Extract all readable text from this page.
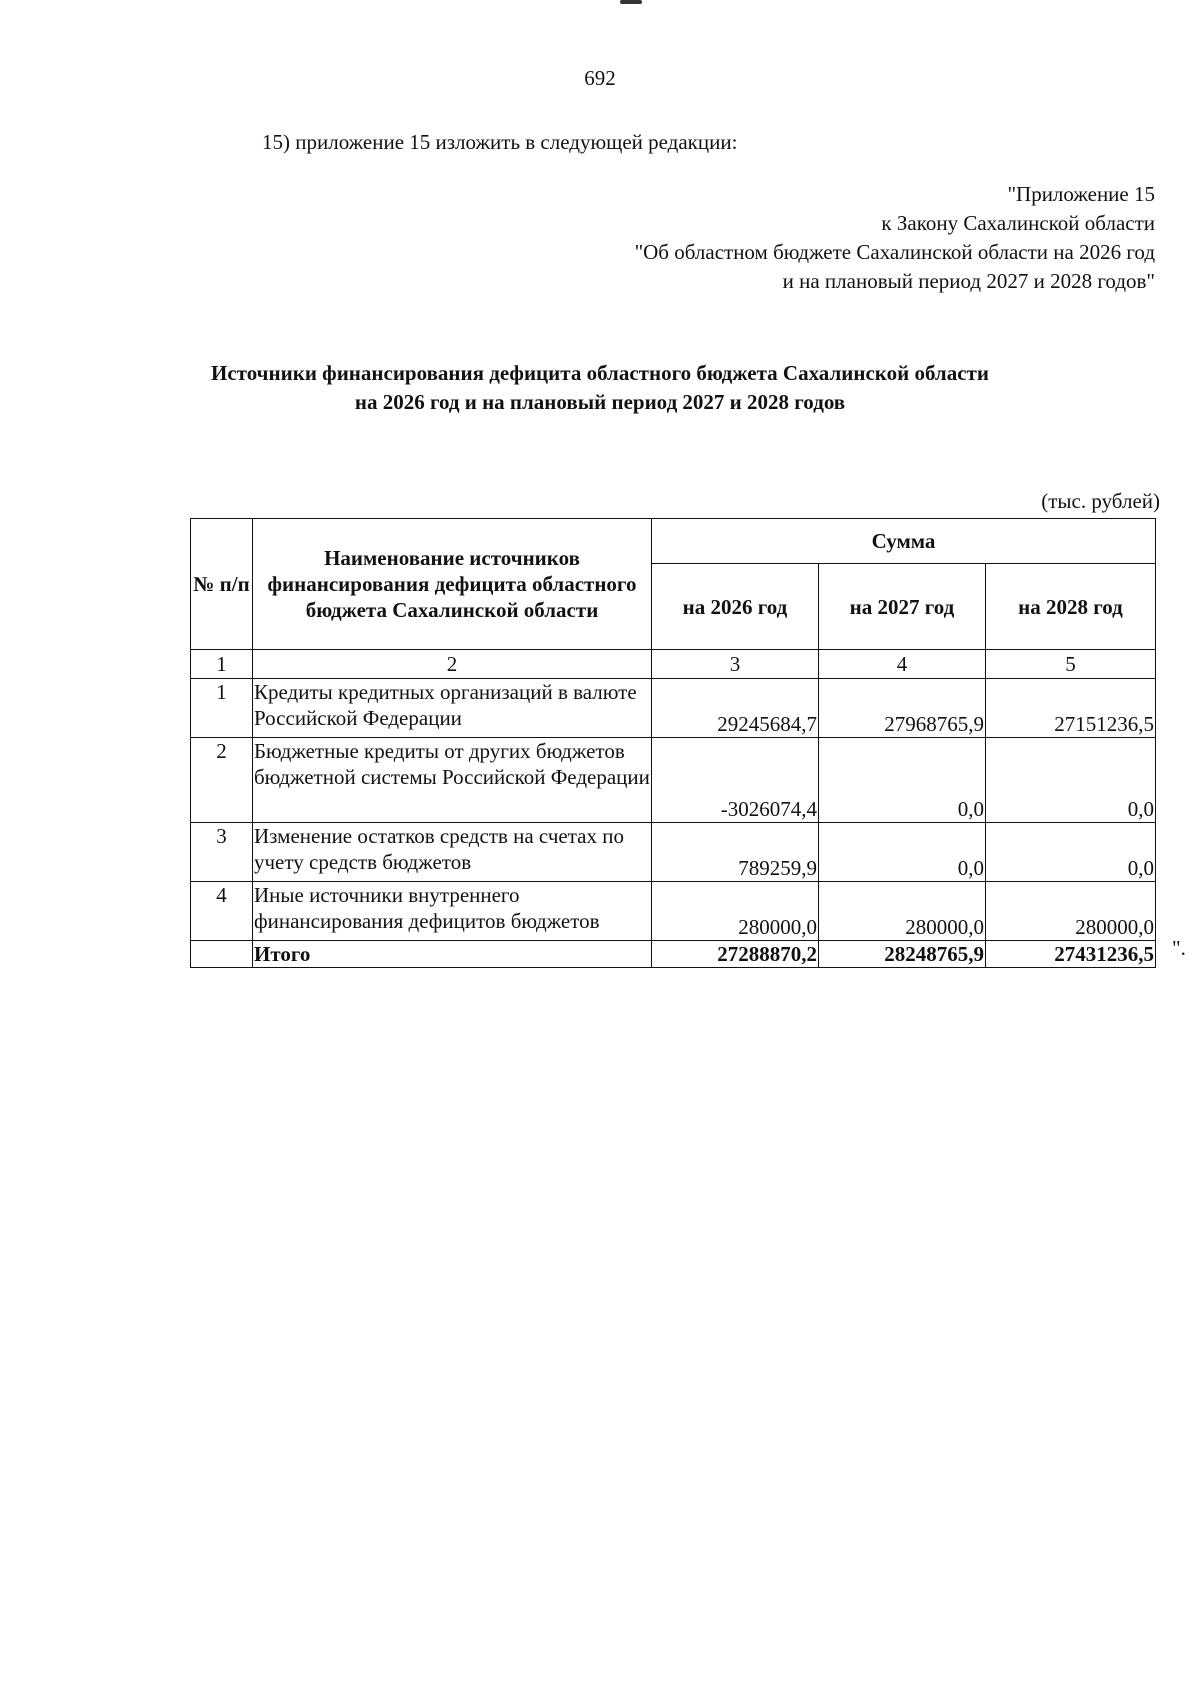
692
15) приложение 15 изложить в следующей редакции:
"Приложение 15
к Закону Сахалинской области
"Об областном бюджете Сахалинской области на 2026 год
и на плановый период 2027 и 2028 годов"
Источники финансирования дефицита областного бюджета Сахалинской области
на 2026 год и на плановый период 2027 и 2028 годов
(тыс. рублей)
№ п/п	Наименование источников финансирования дефицита областного бюджета Сахалинской области	Сумма		
		на 2026 год	на 2027 год	на 2028 год
1	2	3	4	5
1	Кредиты кредитных организаций в валюте Российской Федерации	29245684,7	27968765,9	27151236,5
2	Бюджетные кредиты от других бюджетов бюджетной системы Российской Федерации	-3026074,4	0,0	0,0
3	Изменение остатков средств на счетах по учету средств бюджетов	789259,9	0,0	0,0
4	Иные источники внутреннего финансирования дефицитов бюджетов	280000,0	280000,0	280000,0
	Итого	27288870,2	28248765,9	27431236,5 ".
